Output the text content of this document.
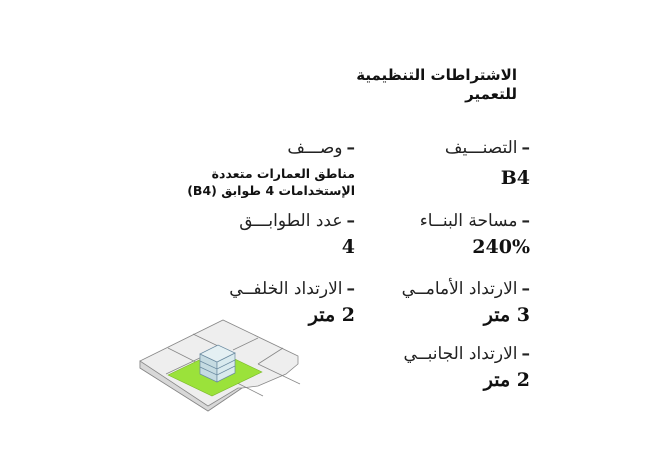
الاشتراطات التنظيمية
للتعمير
–التصنـــيف
B4
–مساحة البنــاء
240%
–الارتداد الأمامــي
3 متر
–الارتداد الجانبــي
2 متر
–وصـــف
مناطق العمارات متعددة
الإستخدامات 4 طوابق (B4)
–عدد الطوابـــق
4
–الارتداد الخلفــي
2 متر
